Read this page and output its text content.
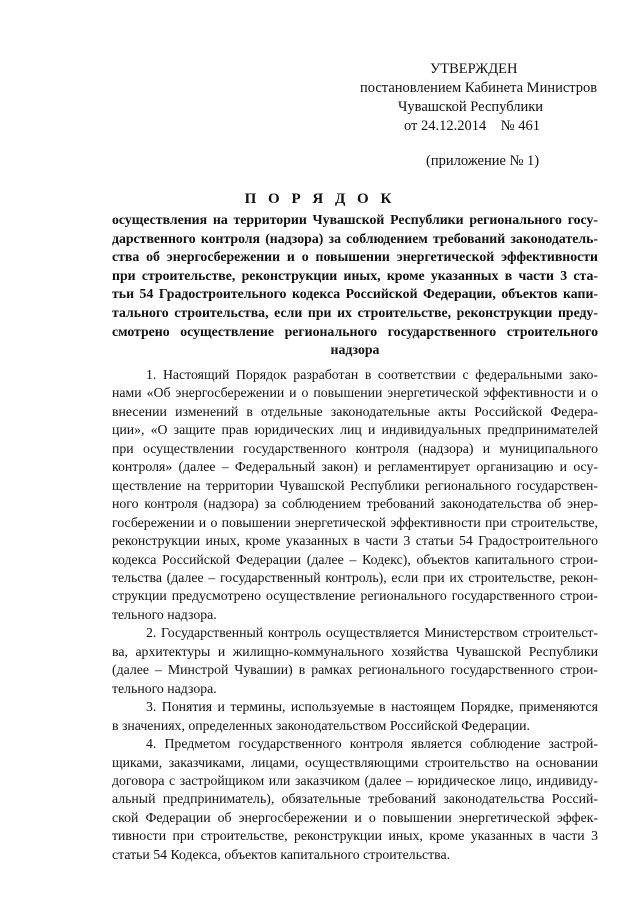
УТВЕРЖДЕН
постановлением Кабинета Министров
Чувашской Республики
от 24.12.2014    № 461
(приложение № 1)
П О Р Я Д О К
осуществления на территории Чувашской Республики регионального госу-
дарственного контроля (надзора) за соблюдением требований законодатель-
ства об энергосбережении и о повышении энергетической эффективности
при строительстве, реконструкции иных, кроме указанных в части 3 ста-
тьи 54 Градостроительного кодекса Российской Федерации, объектов капи-
тального строительства, если при их строительстве, реконструкции преду-
смотрено осуществление регионального государственного строительного
надзора
1. Настоящий Порядок разработан в соответствии с федеральными зако-
нами «Об энергосбережении и о повышении энергетической эффективности и о
внесении изменений в отдельные законодательные акты Российской Федера-
ции», «О защите прав юридических лиц и индивидуальных предпринимателей
при осуществлении государственного контроля (надзора) и муниципального
контроля» (далее – Федеральный закон) и регламентирует организацию и осу-
ществление на территории Чувашской Республики регионального государствен-
ного контроля (надзора) за соблюдением требований законодательства об энер-
госбережении и о повышении энергетической эффективности при строительстве,
реконструкции иных, кроме указанных в части 3 статьи 54 Градостроительного
кодекса Российской Федерации (далее – Кодекс), объектов капитального строи-
тельства (далее – государственный контроль), если при их строительстве, рекон-
струкции предусмотрено осуществление регионального государственного строи-
тельного надзора.
2. Государственный контроль осуществляется Министерством строительст-
ва, архитектуры и жилищно-коммунального хозяйства Чувашской Республики
(далее – Минстрой Чувашии) в рамках регионального государственного строи-
тельного надзора.
3. Понятия и термины, используемые в настоящем Порядке, применяются
в значениях, определенных законодательством Российской Федерации.
4. Предметом государственного контроля является соблюдение застрой-
щиками, заказчиками, лицами, осуществляющими строительство на основании
договора с застройщиком или заказчиком (далее – юридическое лицо, индивиду-
альный предприниматель), обязательные требований законодательства Россий-
ской Федерации об энергосбережении и о повышении энергетической эффек-
тивности при строительстве, реконструкции иных, кроме указанных в части 3
статьи 54 Кодекса, объектов капитального строительства.
